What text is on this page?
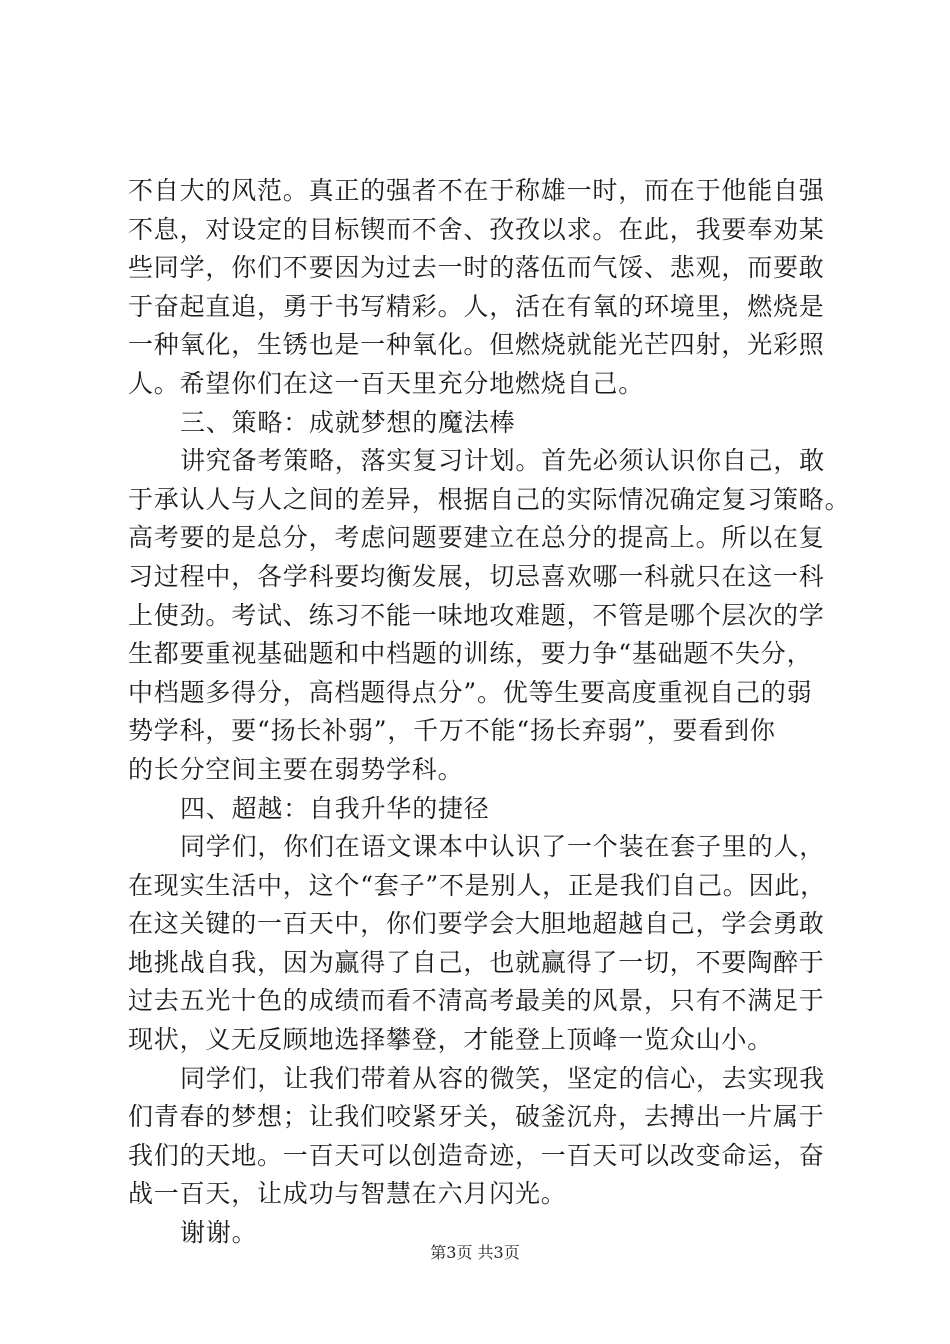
不自大的风范。真正的强者不在于称雄一时，而在于他能自强
不息，对设定的目标锲而不舍、孜孜以求。在此，我要奉劝某
些同学，你们不要因为过去一时的落伍而气馁、悲观，而要敢
于奋起直追，勇于书写精彩。人，活在有氧的环境里，燃烧是
一种氧化，生锈也是一种氧化。但燃烧就能光芒四射，光彩照
人。希望你们在这一百天里充分地燃烧自己。
三、策略：成就梦想的魔法棒
讲究备考策略，落实复习计划。首先必须认识你自己，敢
于承认人与人之间的差异，根据自己的实际情况确定复习策略。
高考要的是总分，考虑问题要建立在总分的提高上。所以在复
习过程中，各学科要均衡发展，切忌喜欢哪一科就只在这一科
上使劲。考试、练习不能一味地攻难题，不管是哪个层次的学
生都要重视基础题和中档题的训练，要力争“基础题不失分，
中档题多得分，高档题得点分”。优等生要高度重视自己的弱
势学科，要“扬长补弱”，千万不能“扬长弃弱”，要看到你
的长分空间主要在弱势学科。
四、超越：自我升华的捷径
同学们，你们在语文课本中认识了一个装在套子里的人，
在现实生活中，这个“套子”不是别人，正是我们自己。因此，
在这关键的一百天中，你们要学会大胆地超越自己，学会勇敢
地挑战自我，因为赢得了自己，也就赢得了一切，不要陶醉于
过去五光十色的成绩而看不清高考最美的风景，只有不满足于
现状，义无反顾地选择攀登，才能登上顶峰一览众山小。
同学们，让我们带着从容的微笑，坚定的信心，去实现我
们青春的梦想；让我们咬紧牙关，破釜沉舟，去搏出一片属于
我们的天地。一百天可以创造奇迹，一百天可以改变命运，奋
战一百天，让成功与智慧在六月闪光。
谢谢。
第3页 共3页
